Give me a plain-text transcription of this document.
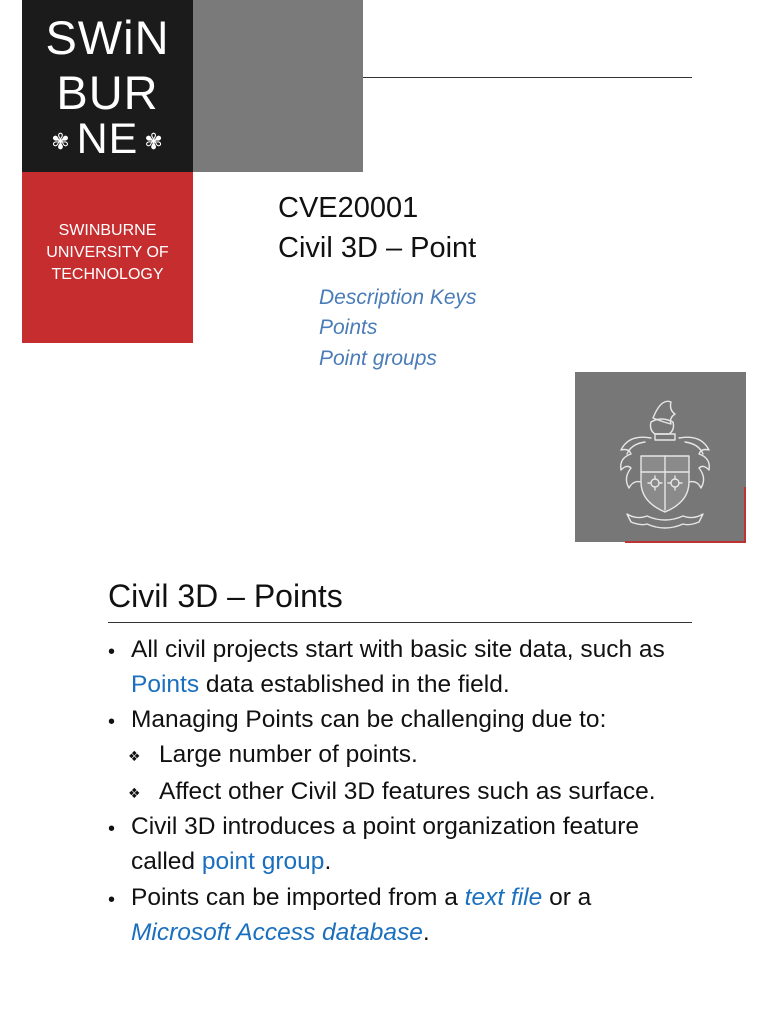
SWiN
BUR
✾ NE ✾
SWINBURNE
UNIVERSITY OF
TECHNOLOGY
CVE20001
Civil 3D – Point
Description Keys
Points
Point groups
Civil 3D – Points
• All civil projects start with basic site data, such as
Points data established in the field.
• Managing Points can be challenging due to:
❖ Large number of points.
❖ Affect other Civil 3D features such as surface.
• Civil 3D introduces a point organization feature
called point group.
• Points can be imported from a text file or a
Microsoft Access database.
